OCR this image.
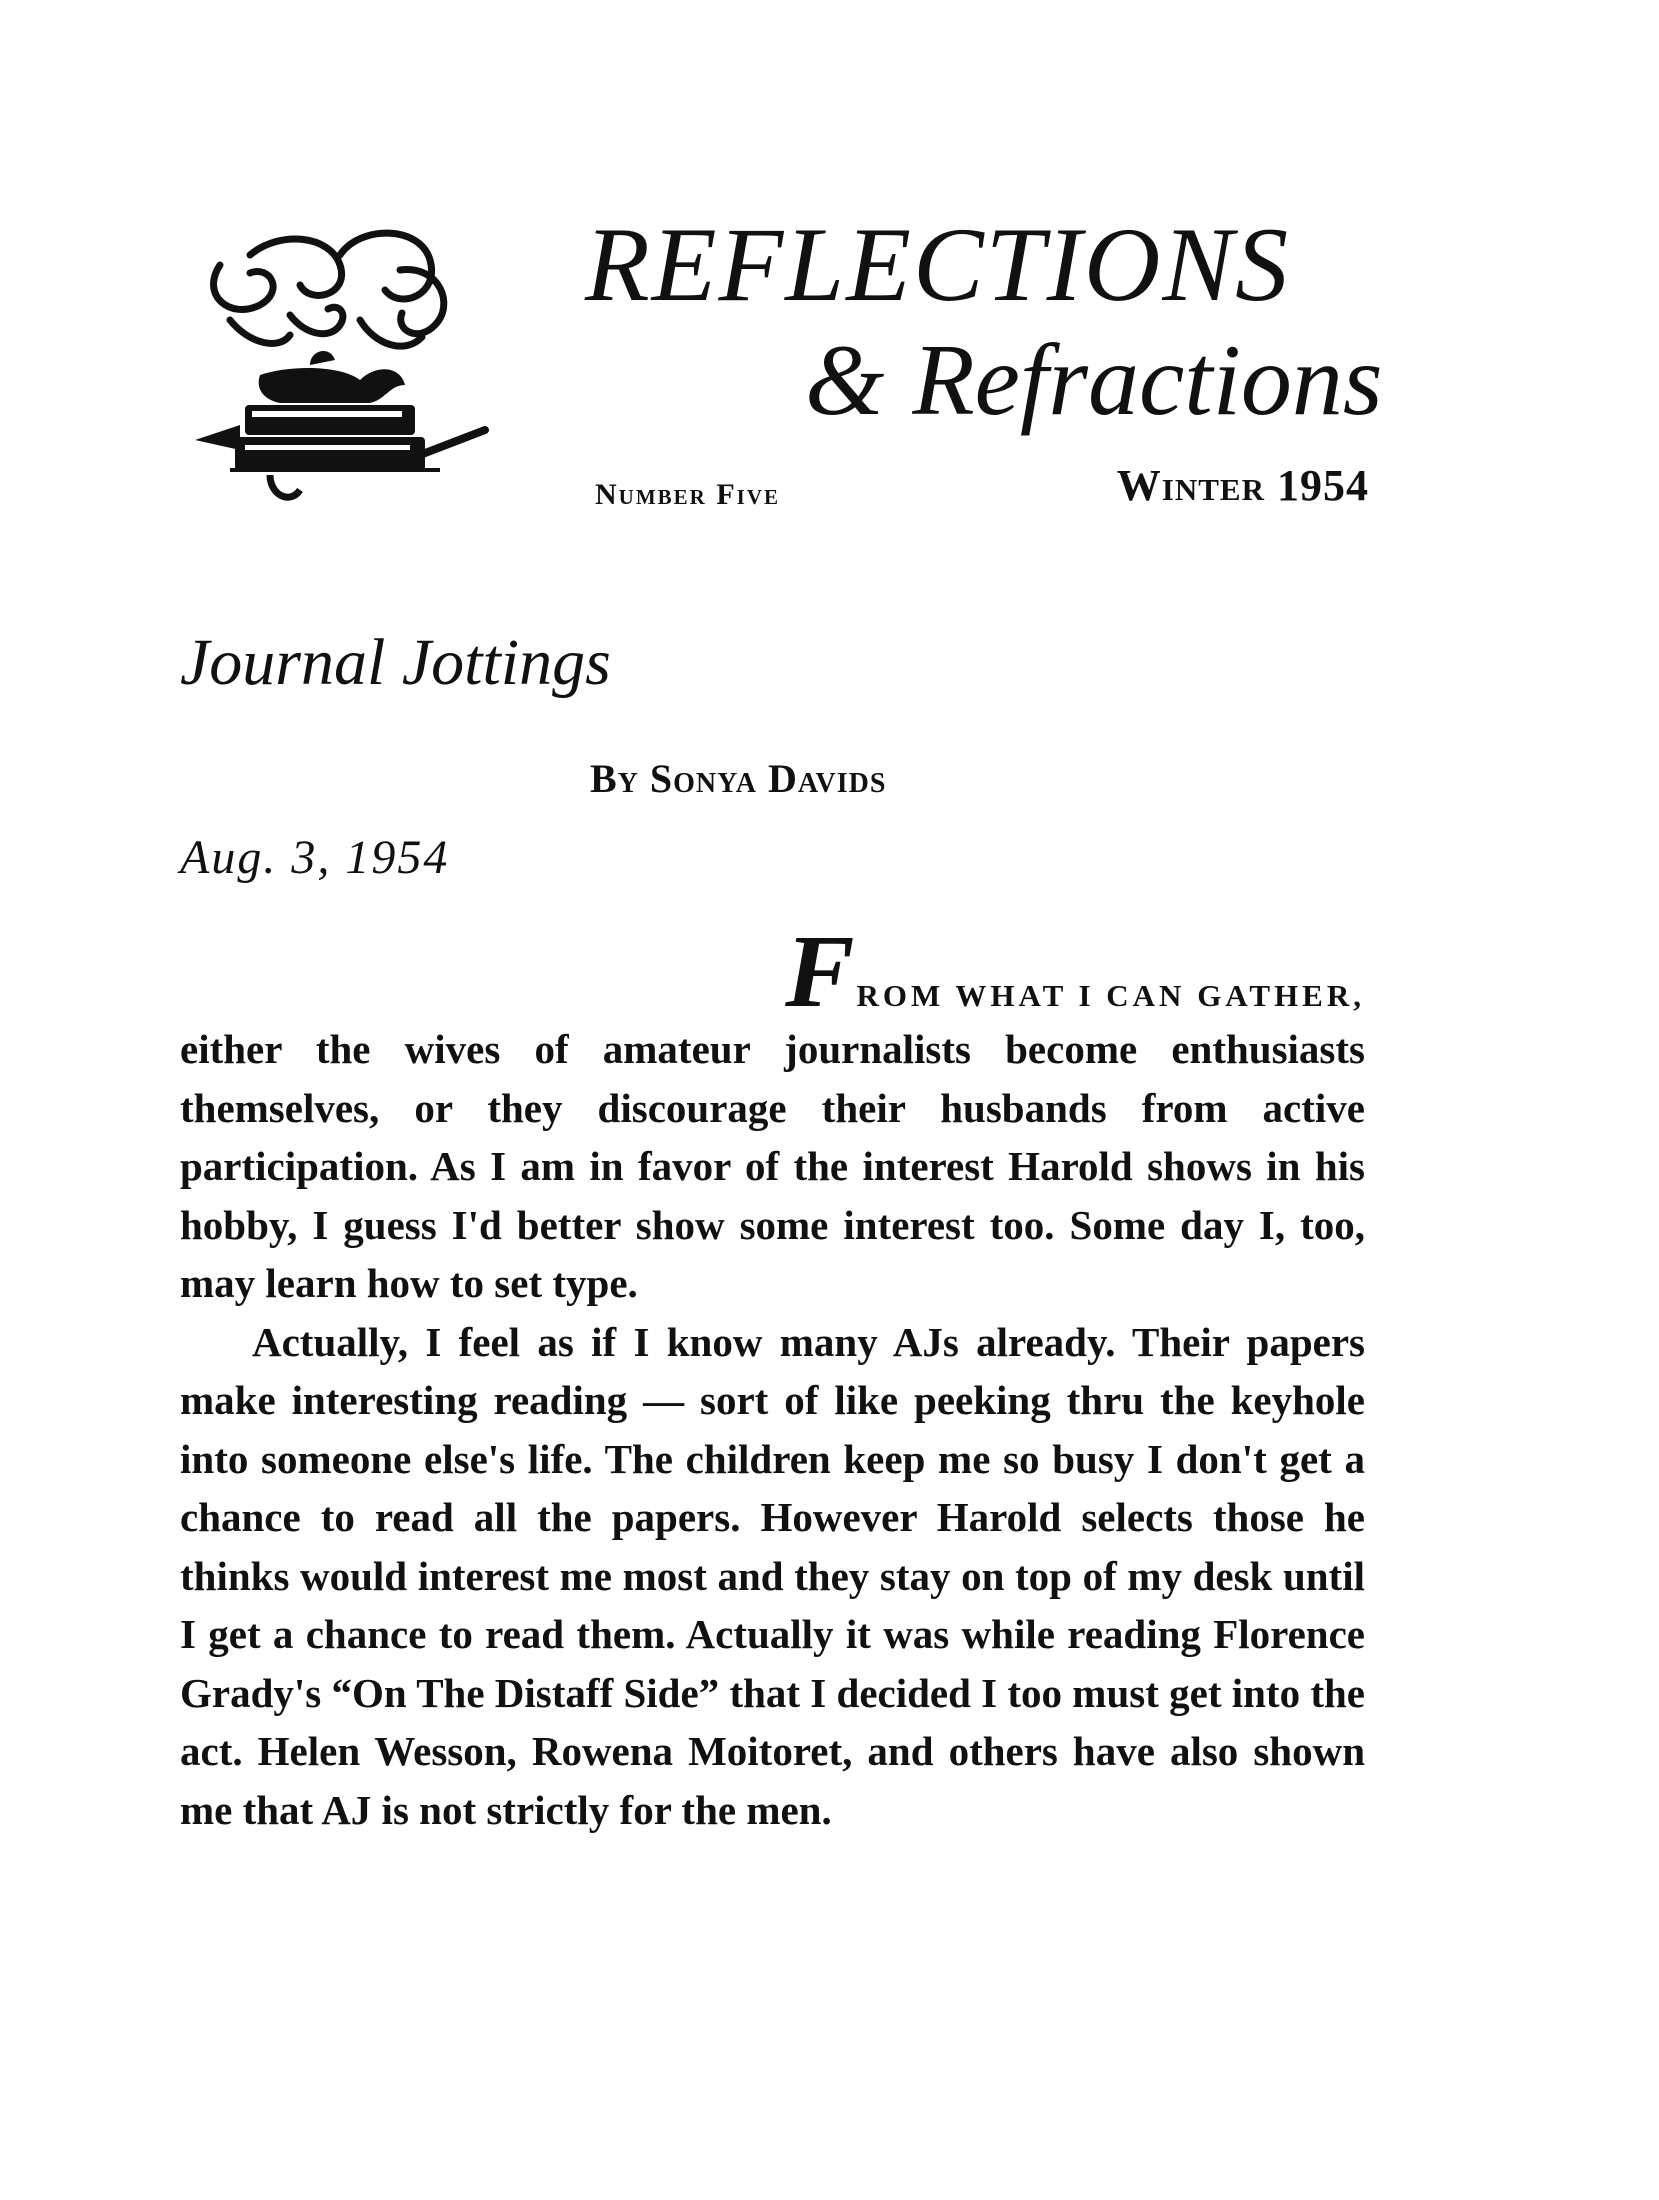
REFLECTIONS
& Refractions
Number Five	Winter 1954
Journal Jottings
By Sonya Davids
Aug. 3, 1954
FROM WHAT I CAN GATHER,

either the wives of amateur journalists become enthusiasts themselves, or they discourage their husbands from active participation. As I am in favor of the interest Harold shows in his hobby, I guess I'd better show some interest too. Some day I, too, may learn how to set type.

Actually, I feel as if I know many AJs already. Their papers make interesting reading — sort of like peeking thru the keyhole into someone else's life. The children keep me so busy I don't get a chance to read all the papers. However Harold selects those he thinks would interest me most and they stay on top of my desk until I get a chance to read them. Actually it was while reading Florence Grady's “On The Distaff Side” that I decided I too must get into the act. Helen Wesson, Rowena Moitoret, and others have also shown me that AJ is not strictly for the men.
